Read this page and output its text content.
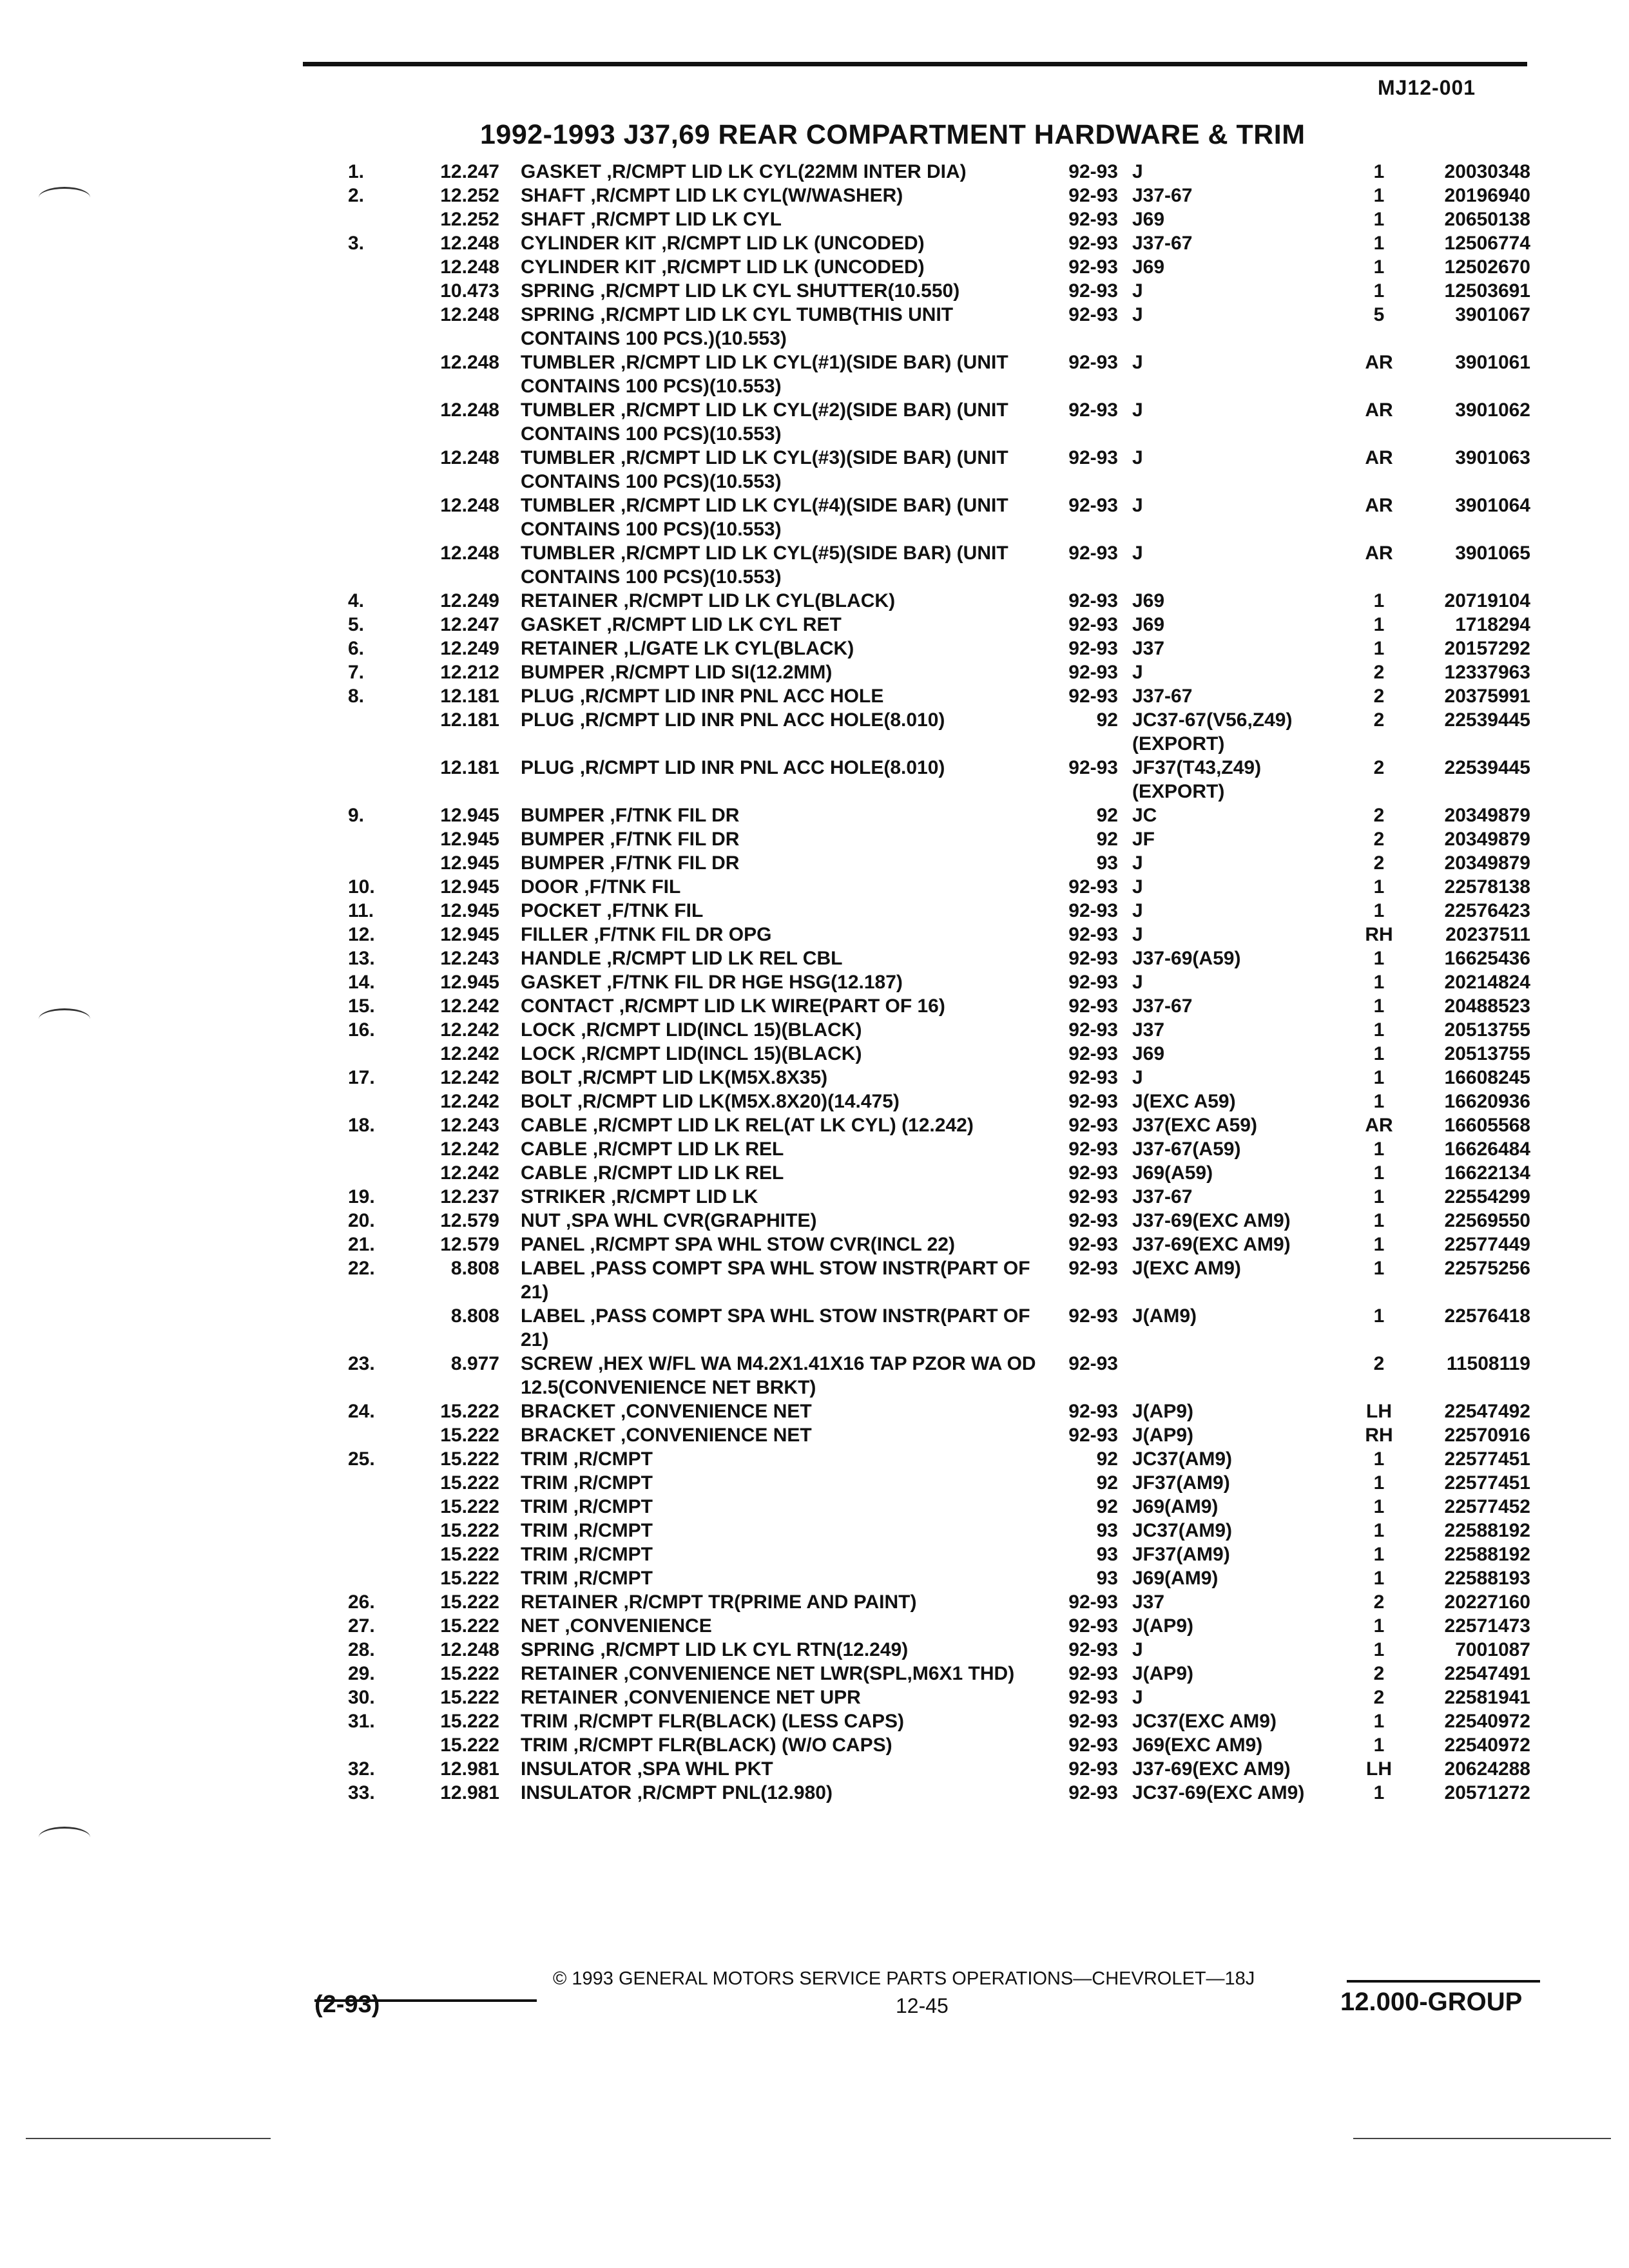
MJ12-001
1992-1993 J37,69 REAR COMPARTMENT HARDWARE & TRIM
1.	12.247 GASKET ,R/CMPT LID LK CYL(22MM INTER DIA)	92-93 J	1	20030348
2.	12.252 SHAFT ,R/CMPT LID LK CYL(W/WASHER)	92-93 J37-67	1	20196940
12.252 SHAFT ,R/CMPT LID LK CYL	92-93 J69	1	20650138
3.	12.248 CYLINDER KIT ,R/CMPT LID LK (UNCODED)	92-93 J37-67	1	12506774
12.248 CYLINDER KIT ,R/CMPT LID LK (UNCODED)	92-93 J69	1	12502670
10.473 SPRING ,R/CMPT LID LK CYL SHUTTER(10.550)	92-93 J	1	12503691
12.248 SPRING ,R/CMPT LID LK CYL TUMB(THIS UNIT CONTAINS 100 PCS.)(10.553)
92-93 J	5	3901067
12.248 TUMBLER ,R/CMPT LID LK CYL(#1)(SIDE BAR) (UNIT CONTAINS 100 PCS)(10.553)
92-93 J	AR	3901061
12.248 TUMBLER ,R/CMPT LID LK CYL(#2)(SIDE BAR) (UNIT CONTAINS 100 PCS)(10.553)
92-93 J	AR	3901062
12.248 TUMBLER ,R/CMPT LID LK CYL(#3)(SIDE BAR) (UNIT CONTAINS 100 PCS)(10.553)
92-93 J	AR	3901063
12.248 TUMBLER ,R/CMPT LID LK CYL(#4)(SIDE BAR) (UNIT CONTAINS 100 PCS)(10.553)
92-93 J	AR	3901064
12.248 TUMBLER ,R/CMPT LID LK CYL(#5)(SIDE BAR) (UNIT CONTAINS 100 PCS)(10.553)
92-93 J	AR	3901065
4.	12.249 RETAINER ,R/CMPT LID LK CYL(BLACK)	92-93 J69	1	20719104
5.	12.247 GASKET ,R/CMPT LID LK CYL RET	92-93 J69	1	1718294
6.	12.249 RETAINER ,L/GATE LK CYL(BLACK)	92-93 J37	1	20157292
7.	12.212 BUMPER ,R/CMPT LID SI(12.2MM)	92-93 J	2	12337963
8.	12.181 PLUG ,R/CMPT LID INR PNL ACC HOLE	92-93 J37-67	2	20375991
12.181 PLUG ,R/CMPT LID INR PNL ACC HOLE(8.010)	92 JC37-67(V56,Z49) (EXPORT)
2	22539445
12.181 PLUG ,R/CMPT LID INR PNL ACC HOLE(8.010)	92-93 JF37(T43,Z49) (EXPORT)
2	22539445
9.	12.945 BUMPER ,F/TNK FIL DR	92 JC	2	20349879
12.945 BUMPER ,F/TNK FIL DR	92 JF	2	20349879
12.945 BUMPER ,F/TNK FIL DR	93 J	2	20349879
10.	12.945 DOOR ,F/TNK FIL	92-93 J	1	22578138
11.	12.945 POCKET ,F/TNK FIL	92-93 J	1	22576423
12.	12.945 FILLER ,F/TNK FIL DR OPG	92-93 J	RH	20237511
13.	12.243 HANDLE ,R/CMPT LID LK REL CBL	92-93 J37-69(A59)	1	16625436
14.	12.945 GASKET ,F/TNK FIL DR HGE HSG(12.187)	92-93 J	1	20214824
15.	12.242 CONTACT ,R/CMPT LID LK WIRE(PART OF 16)	92-93 J37-67	1	20488523
16.	12.242 LOCK ,R/CMPT LID(INCL 15)(BLACK)	92-93 J37	1	20513755
12.242 LOCK ,R/CMPT LID(INCL 15)(BLACK)	92-93 J69	1	20513755
17.	12.242 BOLT ,R/CMPT LID LK(M5X.8X35)	92-93 J	1	16608245
12.242 BOLT ,R/CMPT LID LK(M5X.8X20)(14.475)	92-93 J(EXC A59)	1	16620936
18.	12.243 CABLE ,R/CMPT LID LK REL(AT LK CYL) (12.242)	92-93 J37(EXC A59)	AR	16605568
12.242 CABLE ,R/CMPT LID LK REL	92-93 J37-67(A59)	1	16626484
12.242 CABLE ,R/CMPT LID LK REL	92-93 J69(A59)	1	16622134
19.	12.237 STRIKER ,R/CMPT LID LK	92-93 J37-67	1	22554299
20.	12.579 NUT ,SPA WHL CVR(GRAPHITE)	92-93 J37-69(EXC AM9)	1	22569550
21.	12.579 PANEL ,R/CMPT SPA WHL STOW CVR(INCL 22)	92-93 J37-69(EXC AM9)	1	22577449
22.	8.808 LABEL ,PASS COMPT SPA WHL STOW INSTR(PART OF 21)
92-93 J(EXC AM9)	1	22575256
8.808 LABEL ,PASS COMPT SPA WHL STOW INSTR(PART OF 21)
92-93 J(AM9)	1	22576418
23.	8.977 SCREW ,HEX W/FL WA M4.2X1.41X16 TAP PZOR WA OD 12.5(CONVENIENCE NET BRKT)
92-93	2	11508119
24.	15.222 BRACKET ,CONVENIENCE NET	92-93 J(AP9)	LH	22547492
15.222 BRACKET ,CONVENIENCE NET	92-93 J(AP9)	RH	22570916
25.	15.222 TRIM ,R/CMPT	92 JC37(AM9)	1	22577451
15.222 TRIM ,R/CMPT	92 JF37(AM9)	1	22577451
15.222 TRIM ,R/CMPT	92 J69(AM9)	1	22577452
15.222 TRIM ,R/CMPT	93 JC37(AM9)	1	22588192
15.222 TRIM ,R/CMPT	93 JF37(AM9)	1	22588192
15.222 TRIM ,R/CMPT	93 J69(AM9)	1	22588193
26.	15.222 RETAINER ,R/CMPT TR(PRIME AND PAINT)	92-93 J37	2	20227160
27.	15.222 NET ,CONVENIENCE	92-93 J(AP9)	1	22571473
28.	12.248 SPRING ,R/CMPT LID LK CYL RTN(12.249)	92-93 J	1	7001087
29.	15.222 RETAINER ,CONVENIENCE NET LWR(SPL,M6X1 THD)	92-93 J(AP9)	2	22547491
30.	15.222 RETAINER ,CONVENIENCE NET UPR	92-93 J	2	22581941
31.	15.222 TRIM ,R/CMPT FLR(BLACK) (LESS CAPS)	92-93 JC37(EXC AM9)	1	22540972
15.222 TRIM ,R/CMPT FLR(BLACK) (W/O CAPS)	92-93 J69(EXC AM9)	1	22540972
32.	12.981 INSULATOR ,SPA WHL PKT	92-93 J37-69(EXC AM9)	LH	20624288
33.	12.981 INSULATOR ,R/CMPT PNL(12.980)	92-93 JC37-69(EXC AM9)	1	20571272
© 1993 GENERAL MOTORS SERVICE PARTS OPERATIONS—CHEVROLET—18J
12-45
(2-93)	12.000-GROUP
